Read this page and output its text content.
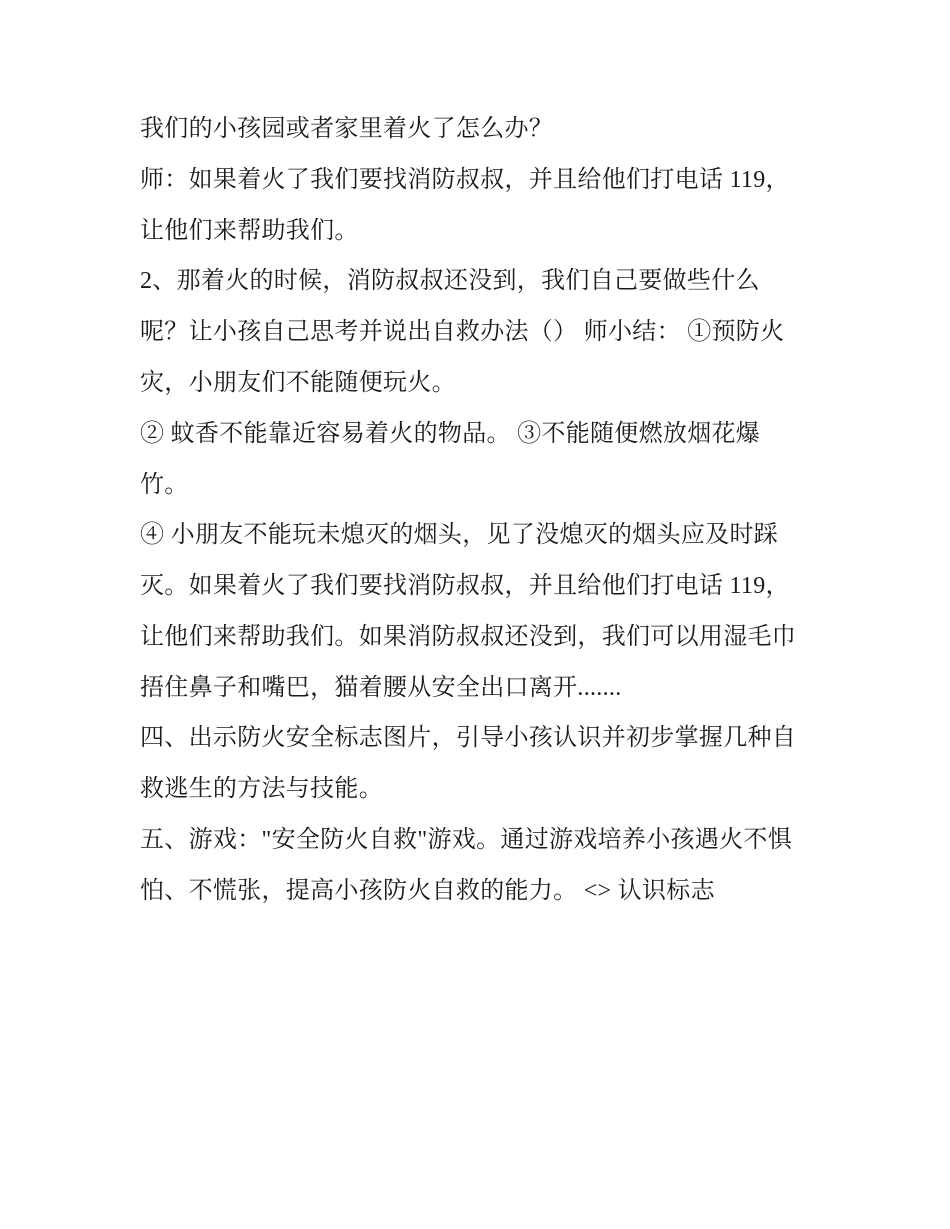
我们的小孩园或者家里着火了怎么办？
师：如果着火了我们要找消防叔叔，并且给他们打电话 119，
让他们来帮助我们。
2、那着火的时候，消防叔叔还没到，我们自己要做些什么
呢？让小孩自己思考并说出自救办法（） 师小结： ①预防火
灾，小朋友们不能随便玩火。
② 蚊香不能靠近容易着火的物品。 ③不能随便燃放烟花爆
竹。
④ 小朋友不能玩未熄灭的烟头，见了没熄灭的烟头应及时踩
灭。如果着火了我们要找消防叔叔，并且给他们打电话 119，
让他们来帮助我们。如果消防叔叔还没到，我们可以用湿毛巾
捂住鼻子和嘴巴，猫着腰从安全出口离开.......
四、出示防火安全标志图片，引导小孩认识并初步掌握几种自
救逃生的方法与技能。
五、游戏："安全防火自救"游戏。通过游戏培养小孩遇火不惧
怕、不慌张，提高小孩防火自救的能力。 <> 认识标志
